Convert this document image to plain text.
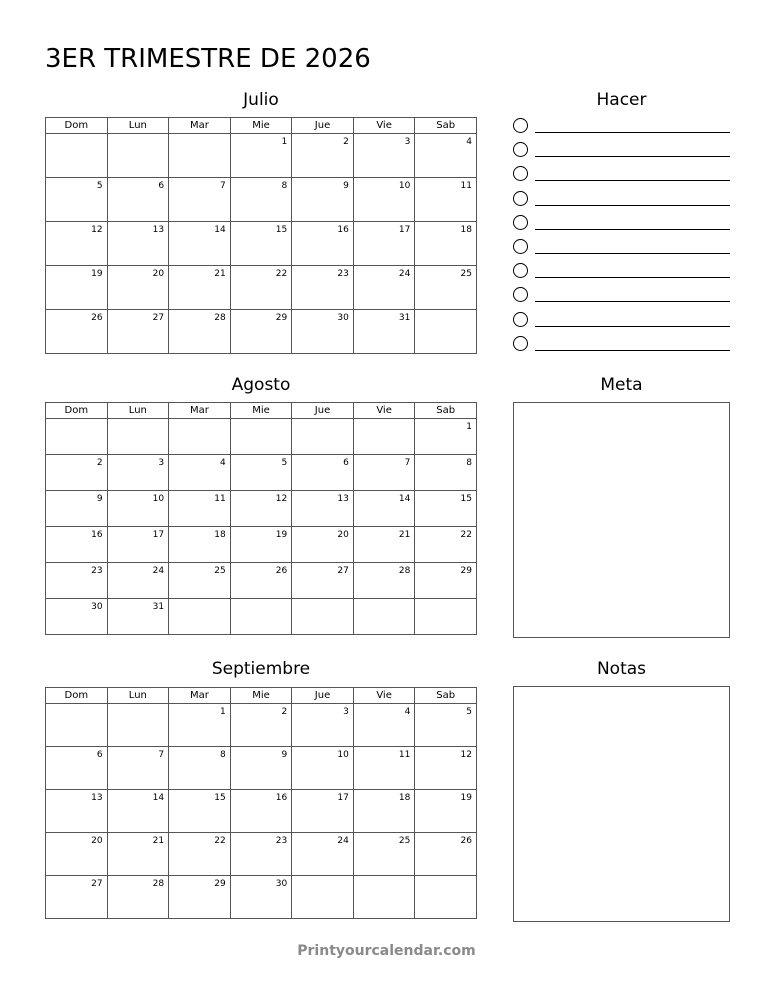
3ER TRIMESTRE DE 2026
Julio
Dom	Lun	Mar	Mie	Jue	Vie	Sab

			1	2	3	4

5	6	7	8	9	10	11

12	13	14	15	16	17	18

19	20	21	22	23	24	25

26	27	28	29	30	31	

Agosto
Dom	Lun	Mar	Mie	Jue	Vie	Sab

						1

2	3	4	5	6	7	8

9	10	11	12	13	14	15

16	17	18	19	20	21	22

23	24	25	26	27	28	29

30	31					

Septiembre
Dom	Lun	Mar	Mie	Jue	Vie	Sab

		1	2	3	4	5

6	7	8	9	10	11	12

13	14	15	16	17	18	19

20	21	22	23	24	25	26

27	28	29	30			

Hacer
Meta
Notas
Printyourcalendar.com
